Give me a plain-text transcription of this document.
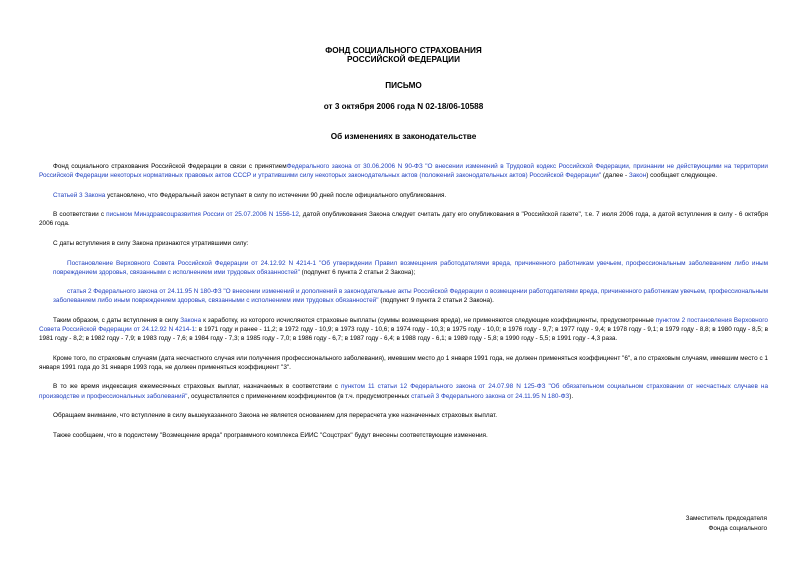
ФОНД СОЦИАЛЬНОГО СТРАХОВАНИЯ
РОССИЙСКОЙ ФЕДЕРАЦИИ
ПИСЬМО
от 3 октября 2006 года N 02-18/06-10588
Об изменениях в законодательстве

Фонд социального страхования Российской Федерации в связи с принятиемФедерального закона от 30.06.2006 N 90-ФЗ "О внесении изменений в Трудовой кодекс Российской Федерации, признании не действующими на территории Российской Федерации некоторых нормативных правовых актов СССР и утратившими силу некоторых законодательных актов (положений законодательных актов) Российской Федерации" (далее - Закон) сообщает следующее.

Статьей 3 Закона установлено, что Федеральный закон вступает в силу по истечении 90 дней после официального опубликования.

В соответствии с письмом Минздравсоцразвития России от 25.07.2006 N 1556-12, датой опубликования Закона следует считать дату его опубликования в "Российской газете", т.е. 7 июля 2006 года, а датой вступления в силу - 6 октября 2006 года.

С даты вступления в силу Закона признаются утратившими силу:

Постановление Верховного Совета Российской Федерации от 24.12.92 N 4214-1 "Об утверждении Правил возмещения работодателями вреда, причиненного работникам увечьем, профессиональным заболеванием либо иным повреждением здоровья, связанными с исполнением ими трудовых обязанностей" (подпункт 6 пункта 2 статьи 2 Закона);

статья 2 Федерального закона от 24.11.95 N 180-ФЗ "О внесении изменений и дополнений в законодательные акты Российской Федерации о возмещении работодателями вреда, причиненного работникам увечьем, профессиональным заболеванием либо иным повреждением здоровья, связанными с исполнением ими трудовых обязанностей" (подпункт 9 пункта 2 статьи 2 Закона).

Таким образом, с даты вступления в силу Закона к заработку, из которого исчисляются страховые выплаты (суммы возмещения вреда), не применяются следующие коэффициенты, предусмотренные пунктом 2 постановления Верховного Совета Российской Федерации от 24.12.92 N 4214-1: в 1971 году и ранее - 11,2; в 1972 году - 10,9; в 1973 году - 10,6; в 1974 году - 10,3; в 1975 году - 10,0; в 1976 году - 9,7; в 1977 году - 9,4; в 1978 году - 9,1; в 1979 году - 8,8; в 1980 году - 8,5; в 1981 году - 8,2; в 1982 году - 7,9; в 1983 году - 7,6; в 1984 году - 7,3; в 1985 году - 7,0; в 1986 году - 6,7; в 1987 году - 6,4; в 1988 году - 6,1; в 1989 году - 5,8; в 1990 году - 5,5; в 1991 году - 4,3 раза.

Кроме того, по страховым случаям (дата несчастного случая или получения профессионального заболевания), имевшим место до 1 января 1991 года, не должен применяться коэффициент "6", а по страховым случаям, имевшим место с 1 января 1991 года до 31 января 1993 года, не должен применяться коэффициент "3".

В то же время индексация ежемесячных страховых выплат, назначаемых в соответствии с пунктом 11 статьи 12 Федерального закона от 24.07.98 N 125-ФЗ "Об обязательном социальном страховании от несчастных случаев на производстве и профессиональных заболеваний", осуществляется с применением коэффициентов (в т.ч. предусмотренных статьей 3 Федерального закона от 24.11.95 N 180-ФЗ).

Обращаем внимание, что вступление в силу вышеуказанного Закона не является основанием для перерасчета уже назначенных страховых выплат.

Также сообщаем, что в подсистему "Возмещение вреда" программного комплекса ЕИИС "Соцстрах" будут внесены соответствующие изменения.

Заместитель председателя
Фонда социального
